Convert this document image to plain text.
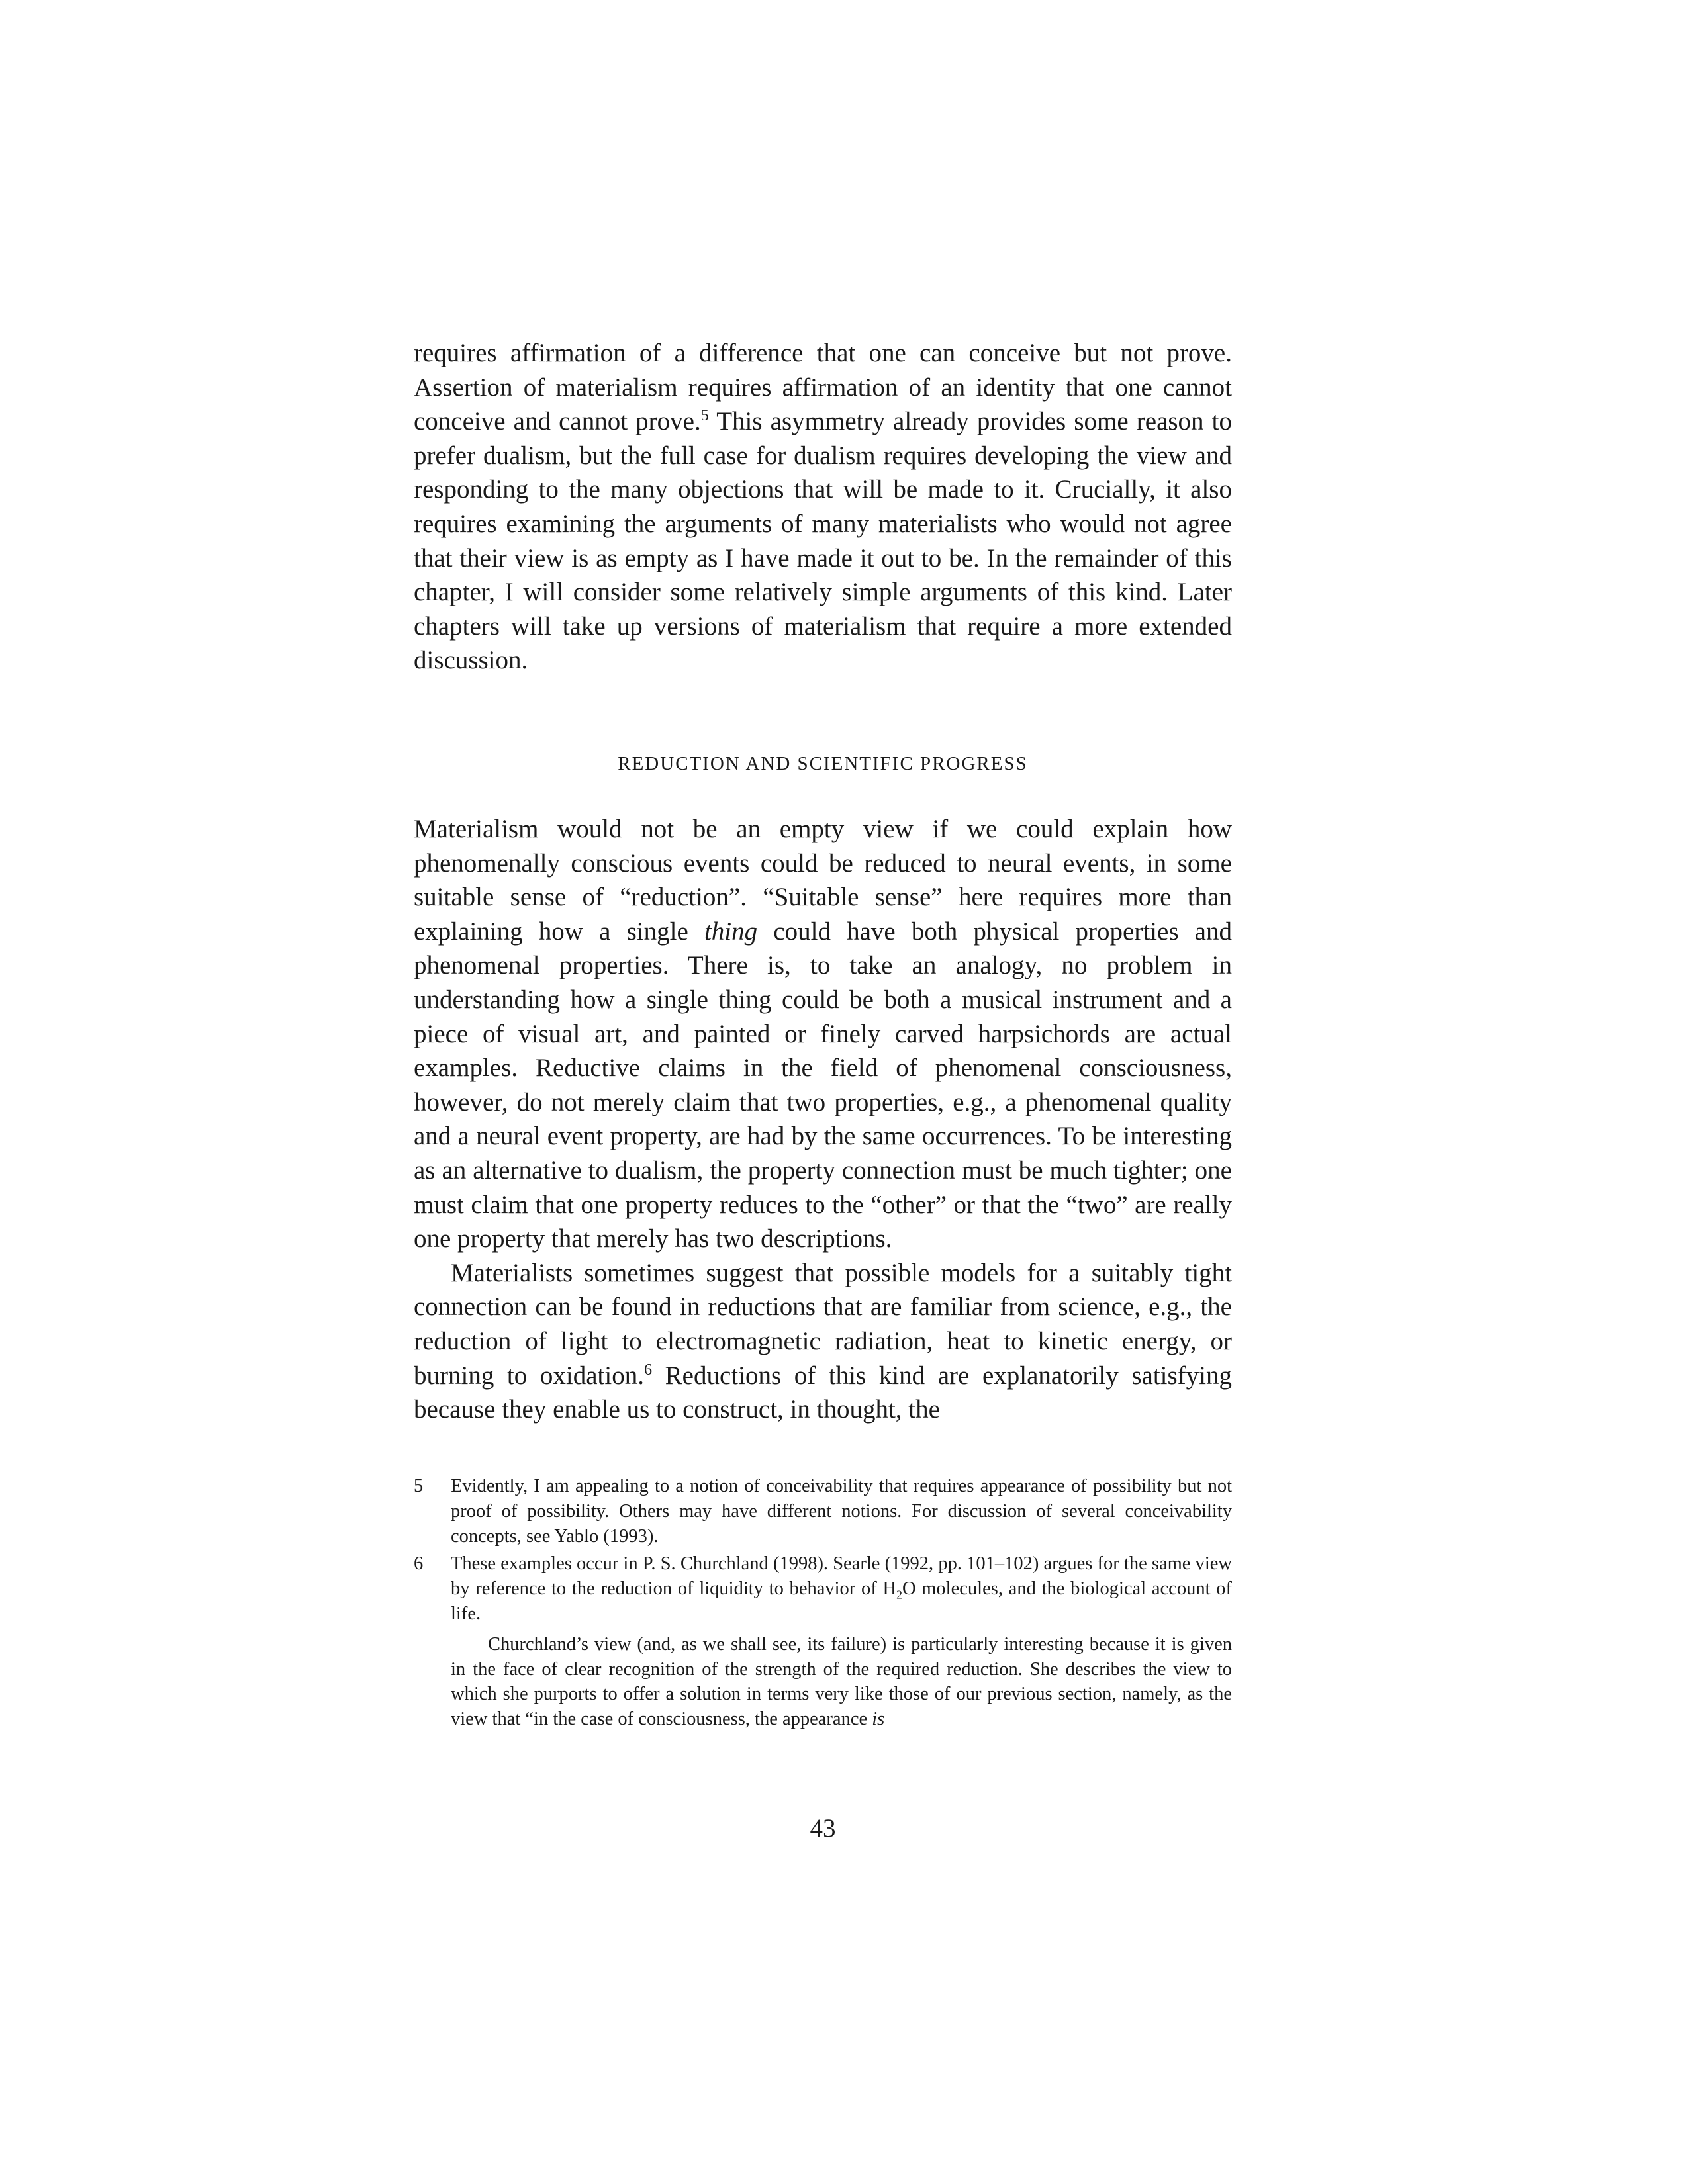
requires affirmation of a difference that one can conceive but not prove. Assertion of materialism requires affirmation of an identity that one cannot conceive and cannot prove.$^5$ This asymmetry already provides some reason to prefer dualism, but the full case for dualism requires developing the view and responding to the many objections that will be made to it. Crucially, it also requires examining the arguments of many materialists who would not agree that their view is as empty as I have made it out to be. In the remainder of this chapter, I will consider some relatively simple arguments of this kind. Later chapters will take up versions of materialism that require a more extended discussion.

REDUCTION AND SCIENTIFIC PROGRESS

Materialism would not be an empty view if we could explain how phenomenally conscious events could be reduced to neural events, in some suitable sense of “reduction”. “Suitable sense” here requires more than explaining how a single thing could have both physical properties and phenomenal properties. There is, to take an analogy, no problem in understanding how a single thing could be both a musical instrument and a piece of visual art, and painted or finely carved harpsichords are actual examples. Reductive claims in the field of phenomenal consciousness, however, do not merely claim that two properties, e.g., a phenomenal quality and a neural event property, are had by the same occurrences. To be interesting as an alternative to dualism, the property connection must be much tighter; one must claim that one property reduces to the “other” or that the “two” are really one property that merely has two descriptions.

Materialists sometimes suggest that possible models for a suitably tight connection can be found in reductions that are familiar from science, e.g., the reduction of light to electromagnetic radiation, heat to kinetic energy, or burning to oxidation.$^6$ Reductions of this kind are explanatorily satisfying because they enable us to construct, in thought, the

5 Evidently, I am appealing to a notion of conceivability that requires appearance of possibility but not proof of possibility. Others may have different notions. For discussion of several conceivability concepts, see Yablo (1993).

6 These examples occur in P. S. Churchland (1998). Searle (1992, pp. 101–102) argues for the same view by reference to the reduction of liquidity to behavior of $H_2O$ molecules, and the biological account of life.

Churchland’s view (and, as we shall see, its failure) is particularly interesting because it is given in the face of clear recognition of the strength of the required reduction. She describes the view to which she purports to offer a solution in terms very like those of our previous section, namely, as the view that “in the case of consciousness, the appearance is

43
